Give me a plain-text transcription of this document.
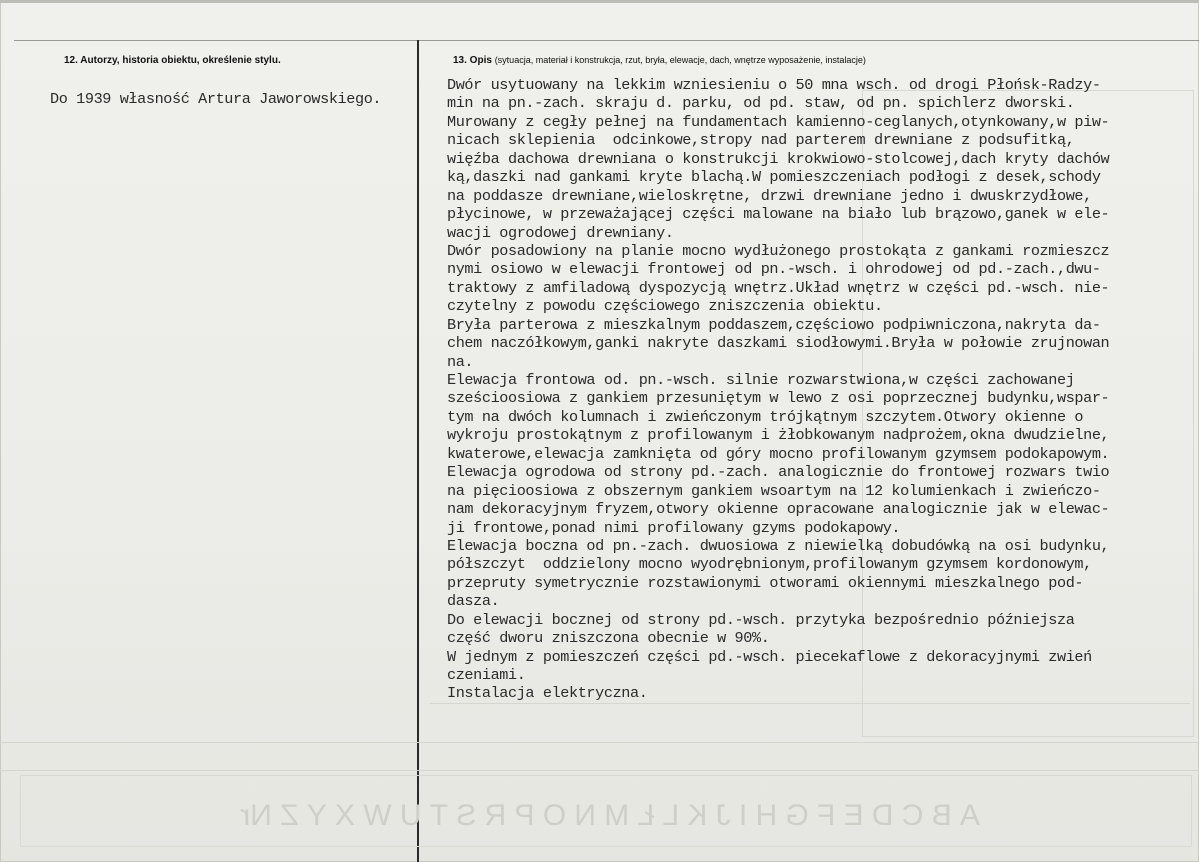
A
B
C
D
E
F
G
H
I
J
K
L
Ł
M
N
O
P
R
S
T
U
W
X
Y
Z
Nr
12. Autorzy, historia obiektu, określenie stylu.	13. Opis (sytuacja, materiał i konstrukcja, rzut, bryła, elewacje, dach, wnętrze wyposażenie, instalacje)
Do 1939 własność Artura Jaworowskiego.
Dwór usytuowany na lekkim wzniesieniu o 50 mna wsch. od drogi Płońsk-Radzy-
min na pn.-zach. skraju d. parku, od pd. staw, od pn. spichlerz dworski.
Murowany z cegły pełnej na fundamentach kamienno-ceglanych,otynkowany,w piw-
nicach sklepienia  odcinkowe,stropy nad parterem drewniane z podsufitką,
więźba dachowa drewniana o konstrukcji krokwiowo-stolcowej,dach kryty dachów
ką,daszki nad gankami kryte blachą.W pomieszczeniach podłogi z desek,schody
na poddasze drewniane,wieloskrętne, drzwi drewniane jedno i dwuskrzydłowe,
płycinowe, w przeważającej części malowane na biało lub brązowo,ganek w ele-
wacji ogrodowej drewniany.
Dwór posadowiony na planie mocno wydłużonego prostokąta z gankami rozmieszcz
nymi osiowo w elewacji frontowej od pn.-wsch. i ohrodowej od pd.-zach.,dwu-
traktowy z amfiladową dyspozycją wnętrz.Układ wnętrz w części pd.-wsch. nie-
czytelny z powodu częściowego zniszczenia obiektu.
Bryła parterowa z mieszkalnym poddaszem,częściowo podpiwniczona,nakryta da-
chem naczółkowym,ganki nakryte daszkami siodłowymi.Bryła w połowie zrujnowan
na.
Elewacja frontowa od. pn.-wsch. silnie rozwarstwiona,w części zachowanej
sześcioosiowa z gankiem przesuniętym w lewo z osi poprzecznej budynku,wspar-
tym na dwóch kolumnach i zwieńczonym trójkątnym szczytem.Otwory okienne o
wykroju prostokątnym z profilowanym i żłobkowanym nadprożem,okna dwudzielne,
kwaterowe,elewacja zamknięta od góry mocno profilowanym gzymsem podokapowym.
Elewacja ogrodowa od strony pd.-zach. analogicznie do frontowej rozwars twio
na pięcioosiowa z obszernym gankiem wsoartym na 12 kolumienkach i zwieńczo-
nam dekoracyjnym fryzem,otwory okienne opracowane analogicznie jak w elewac-
ji frontowe,ponad nimi profilowany gzyms podokapowy.
Elewacja boczna od pn.-zach. dwuosiowa z niewielką dobudówką na osi budynku,
półszczyt  oddzielony mocno wyodrębnionym,profilowanym gzymsem kordonowym,
przepruty symetrycznie rozstawionymi otworami okiennymi mieszkalnego pod-
dasza.
Do elewacji bocznej od strony pd.-wsch. przytyka bezpośrednio późniejsza
część dworu zniszczona obecnie w 90%.
W jednym z pomieszczeń części pd.-wsch. piecekaflowe z dekoracyjnymi zwień
czeniami.
Instalacja elektryczna.
